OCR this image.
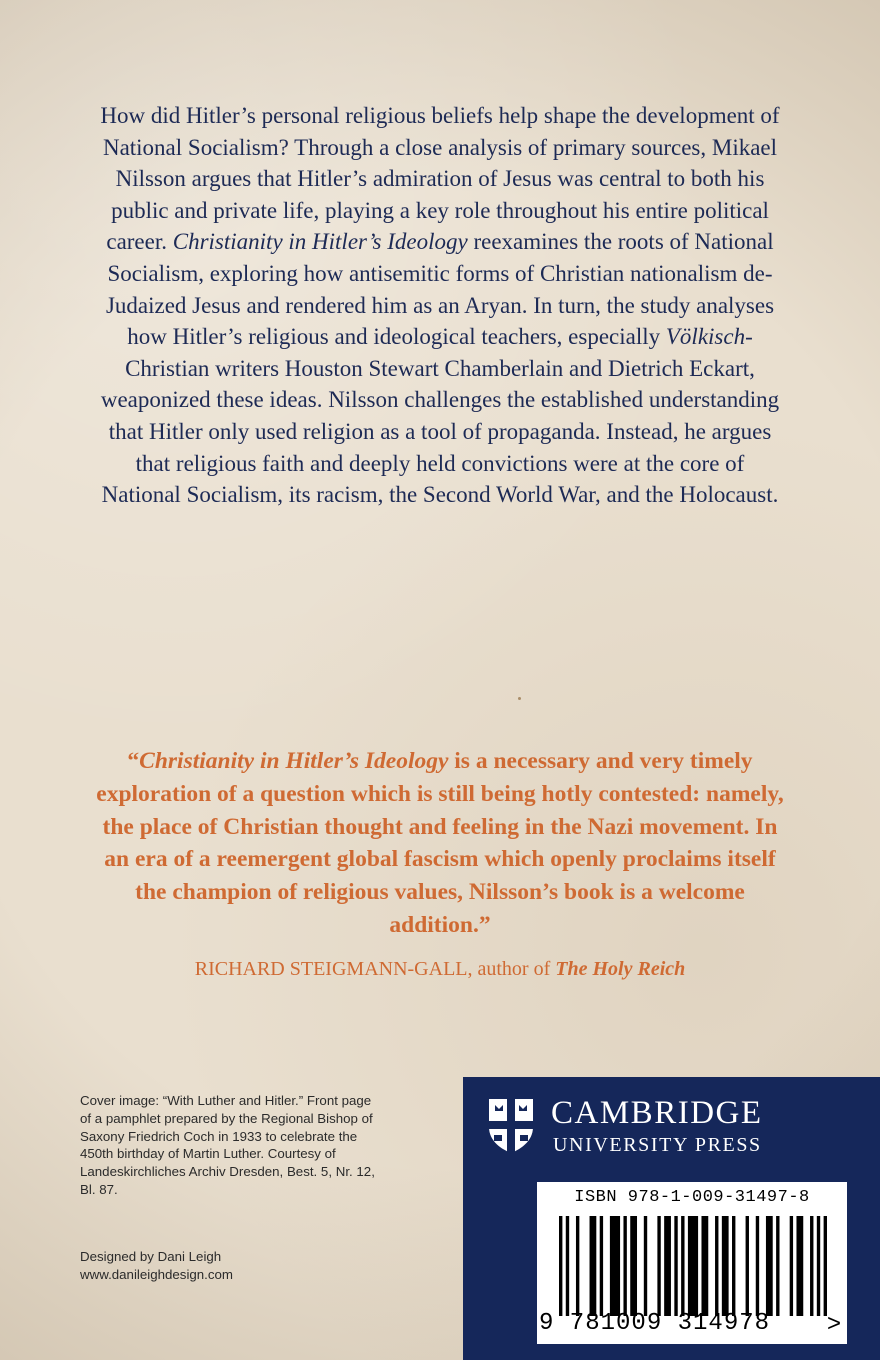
How did Hitler’s personal religious beliefs help shape the development of National Socialism? Through a close analysis of primary sources, Mikael Nilsson argues that Hitler’s admiration of Jesus was central to both his public and private life, playing a key role throughout his entire political career. Christianity in Hitler’s Ideology reexamines the roots of National Socialism, exploring how antisemitic forms of Christian nationalism de-Judaized Jesus and rendered him as an Aryan. In turn, the study analyses how Hitler’s religious and ideological teachers, especially Völkisch-Christian writers Houston Stewart Chamberlain and Dietrich Eckart, weaponized these ideas. Nilsson challenges the established understanding that Hitler only used religion as a tool of propaganda. Instead, he argues that religious faith and deeply held convictions were at the core of National Socialism, its racism, the Second World War, and the Holocaust.

“Christianity in Hitler’s Ideology is a necessary and very timely exploration of a question which is still being hotly contested: namely, the place of Christian thought and feeling in the Nazi movement. In an era of a reemergent global fascism which openly proclaims itself the champion of religious values, Nilsson’s book is a welcome addition.”

RICHARD STEIGMANN-GALL, author of The Holy Reich

Cover image: “With Luther and Hitler.” Front page of a pamphlet prepared by the Regional Bishop of Saxony Friedrich Coch in 1933 to celebrate the 450th birthday of Martin Luther. Courtesy of Landeskirchliches Archiv Dresden, Best. 5, Nr. 12, Bl. 87.

Designed by Dani Leigh
www.danileighdesign.com

CAMBRIDGE

UNIVERSITY PRESS

ISBN 978-1-009-31497-8

9 781009 314978	>
